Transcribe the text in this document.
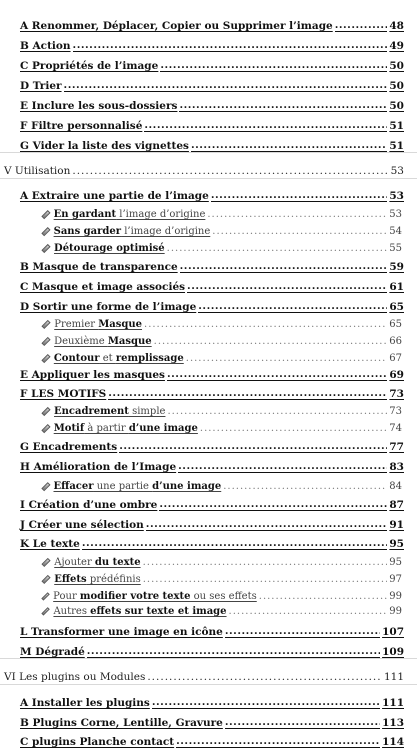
A Renommer, Déplacer, Copier ou Supprimer l’image .....	48
B Action .....	49
C Propriétés de l’image .....	50
D Trier .....	50
E Inclure les sous-dossiers .....	50
F Filtre personnalisé .....	51
G Vider la liste des vignettes .....	51
V Utilisation .....	53
A Extraire une partie de l’image .....	53
En gardant l’image d’origine .....	53
Sans garder l’image d’origine .....	54
Détourage optimisé .....	55
B Masque de transparence .....	59
C Masque et image associés .....	61
D Sortir une forme de l’image .....	65
Premier Masque .....	65
Deuxième Masque .....	66
Contour et remplissage .....	67
E Appliquer les masques .....	69
F LES MOTIFS .....	73
Encadrement simple .....	73
Motif à partir d’une image .....	74
G Encadrements .....	77
H Amélioration de l’Image .....	83
Effacer une partie d’une image .....	84
I Création d’une ombre .....	87
J Créer une sélection .....	91
K Le texte .....	95
Ajouter du texte .....	95
Effets prédéfinis .....	97
Pour modifier votre texte ou ses effets .....	99
Autres effets sur texte et image .....	99
L Transformer une image en icône .....	107
M Dégradé .....	109
VI Les plugins ou Modules .....	111
A Installer les plugins .....	111
B Plugins Corne, Lentille, Gravure .....	113
C plugins Planche contact .....	114
